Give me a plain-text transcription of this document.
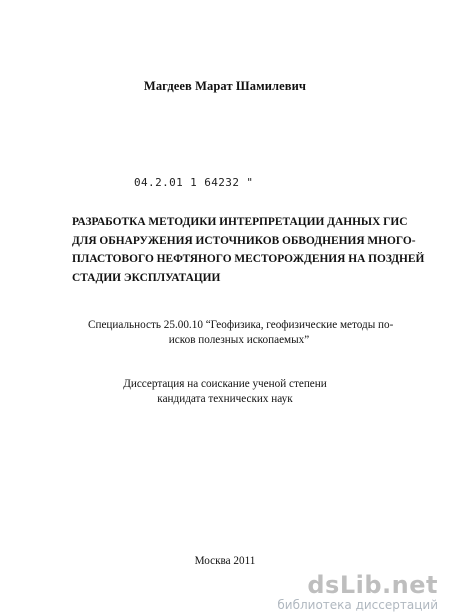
Магдеев Марат Шамилевич
04.2.01 1 64232 "
РАЗРАБОТКА МЕТОДИКИ ИНТЕРПРЕТАЦИИ ДАННЫХ ГИС
ДЛЯ ОБНАРУЖЕНИЯ ИСТОЧНИКОВ ОБВОДНЕНИЯ МНОГО-
ПЛАСТОВОГО НЕФТЯНОГО МЕСТОРОЖДЕНИЯ НА ПОЗДНЕЙ
СТАДИИ ЭКСПЛУАТАЦИИ
Специальность 25.00.10 “Геофизика, геофизические методы по-
исков полезных ископаемых”
Диссертация на соискание ученой степени
кандидата технических наук
Москва 2011
dsLib.net
библиотека диссертаций
